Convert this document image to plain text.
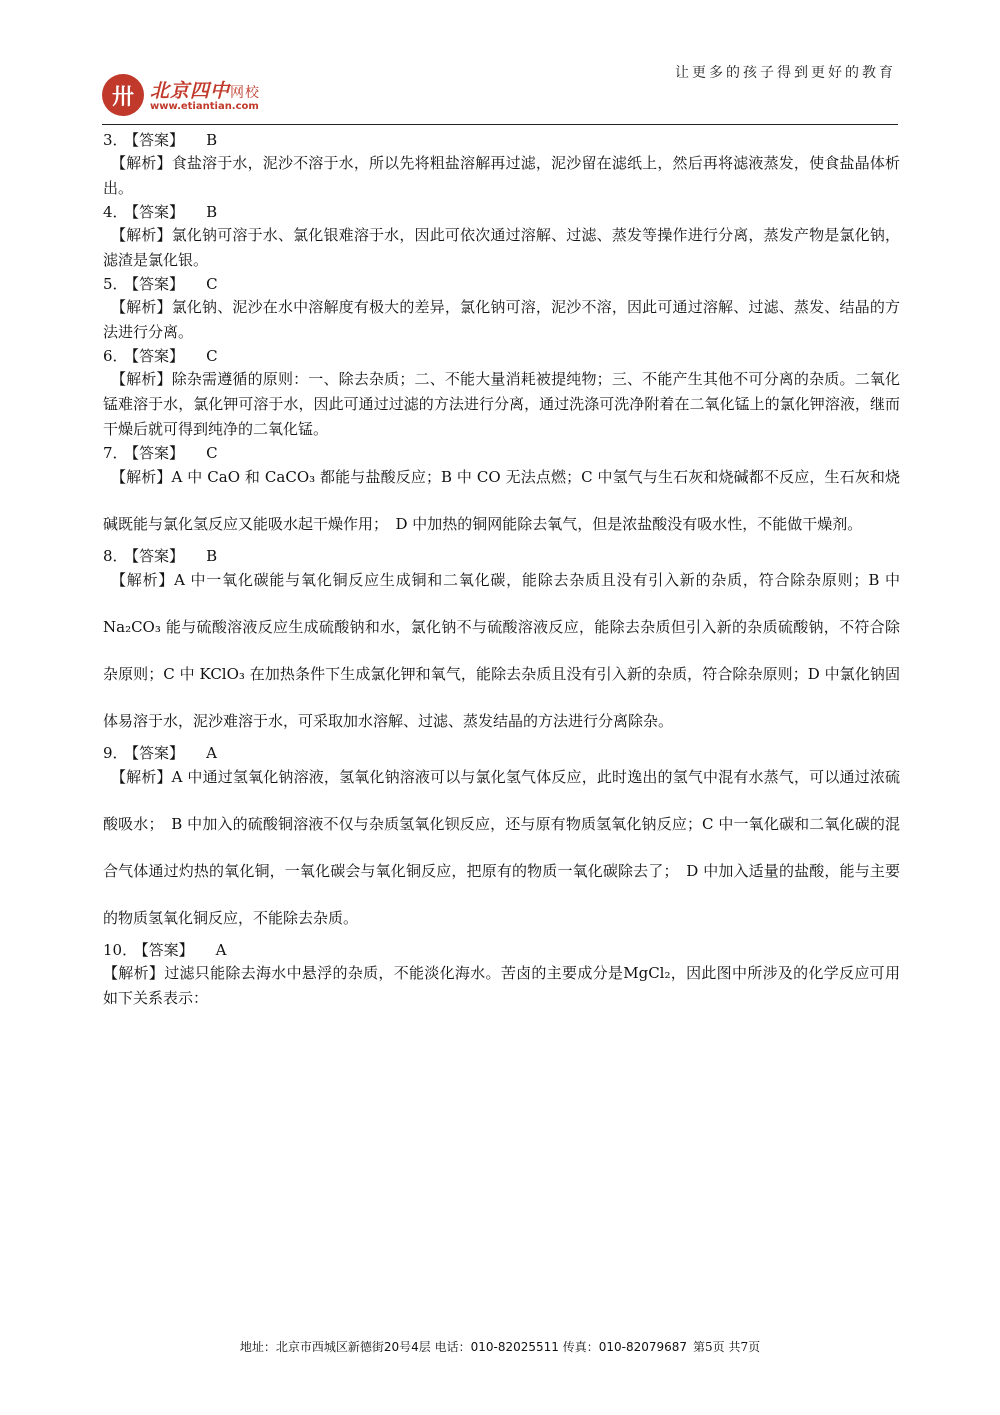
让更多的孩子得到更好的教育
卅 北京四中网校
www.etiantian.com
3． 【答案】 B
【解析】食盐溶于水，泥沙不溶于水，所以先将粗盐溶解再过滤，泥沙留在滤纸上，然后再将滤液蒸发，使食盐晶体析出。
4． 【答案】 B
【解析】氯化钠可溶于水、氯化银难溶于水，因此可依次通过溶解、过滤、蒸发等操作进行分离，蒸发产物是氯化钠，滤渣是氯化银。
5． 【答案】 C
【解析】氯化钠、泥沙在水中溶解度有极大的差异，氯化钠可溶，泥沙不溶，因此可通过溶解、过滤、蒸发、结晶的方法进行分离。
6． 【答案】 C
【解析】除杂需遵循的原则：一、除去杂质；二、不能大量消耗被提纯物；三、不能产生其他不可分离的杂质。二氧化锰难溶于水，氯化钾可溶于水，因此可通过过滤的方法进行分离，通过洗涤可洗净附着在二氧化锰上的氯化钾溶液，继而干燥后就可得到纯净的二氧化锰。
7． 【答案】 C
【解析】A 中 CaO 和 CaCO₃ 都能与盐酸反应；B 中 CO 无法点燃；C 中氢气与生石灰和烧碱都不反应，生石灰和烧碱既能与氯化氢反应又能吸水起干燥作用；　D 中加热的铜网能除去氧气，但是浓盐酸没有吸水性，不能做干燥剂。
8． 【答案】 B
【解析】A 中一氧化碳能与氧化铜反应生成铜和二氧化碳，能除去杂质且没有引入新的杂质，符合除杂原则；B 中 Na₂CO₃ 能与硫酸溶液反应生成硫酸钠和水，氯化钠不与硫酸溶液反应，能除去杂质但引入新的杂质硫酸钠，不符合除杂原则；C 中 KClO₃ 在加热条件下生成氯化钾和氧气，能除去杂质且没有引入新的杂质，符合除杂原则；D 中氯化钠固体易溶于水，泥沙难溶于水，可采取加水溶解、过滤、蒸发结晶的方法进行分离除杂。
9． 【答案】 A
【解析】A 中通过氢氧化钠溶液，氢氧化钠溶液可以与氯化氢气体反应，此时逸出的氢气中混有水蒸气，可以通过浓硫酸吸水；　B 中加入的硫酸铜溶液不仅与杂质氢氧化钡反应，还与原有物质氢氧化钠反应；C 中一氧化碳和二氧化碳的混合气体通过灼热的氧化铜，一氧化碳会与氧化铜反应，把原有的物质一氧化碳除去了；　D 中加入适量的盐酸，能与主要的物质氢氧化铜反应，不能除去杂质。
10． 【答案】 A
【解析】过滤只能除去海水中悬浮的杂质，不能淡化海水。苦卤的主要成分是MgCl₂，因此图中所涉及的化学反应可用如下关系表示：
地址：北京市西城区新德街20号4层 电话：010-82025511 传真：010-82079687 第5页 共7页
